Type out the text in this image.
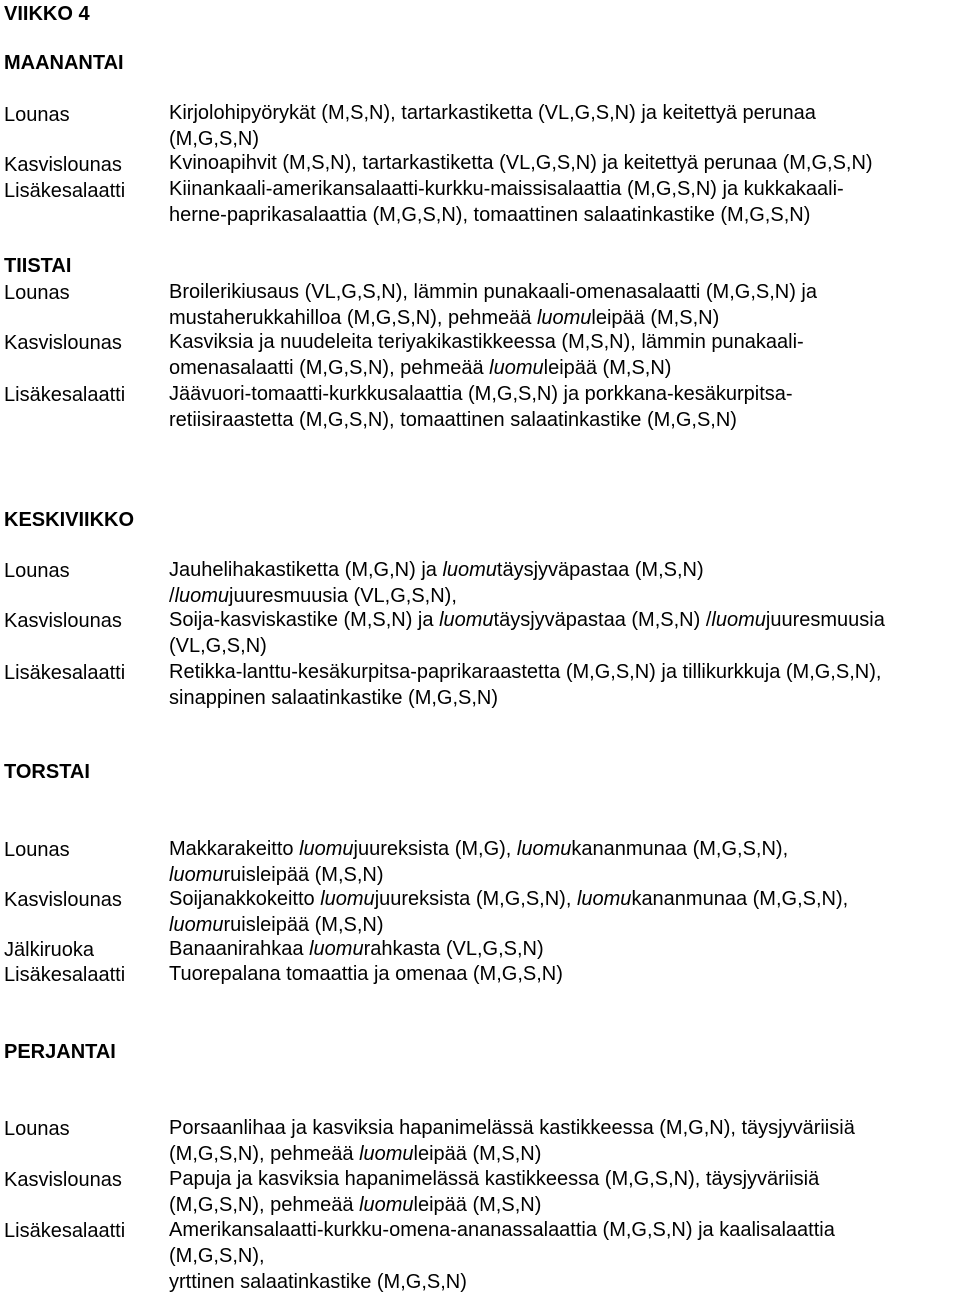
VIIKKO 4
MAANANTAI
Lounas	Kirjolohipyörykät (M,S,N), tartarkastiketta (VL,G,S,N) ja keitettyä perunaa

(M,G,S,N)

Kasvislounas Kvinoapihvit (M,S,N), tartarkastiketta (VL,G,S,N) ja keitettyä perunaa (M,G,S,N)

Lisäkesalaatti Kiinankaali-amerikansalaatti-kurkku-maissisalaattia (M,G,S,N) ja kukkakaali-

herne-paprikasalaattia (M,G,S,N), tomaattinen salaatinkastike (M,G,S,N)

TIISTAI
Lounas	Broilerikiusaus (VL,G,S,N), lämmin punakaali-omenasalaatti (M,G,S,N) ja

mustaherukkahilloa (M,G,S,N), pehmeää luomuleipää (M,S,N)

Kasvislounas Kasviksia ja nuudeleita teriyakikastikkeessa (M,S,N), lämmin punakaali-

omenasalaatti (M,G,S,N), pehmeää luomuleipää (M,S,N)

Lisäkesalaatti Jäävuori-tomaatti-kurkkusalaattia (M,G,S,N) ja porkkana-kesäkurpitsa-

retiisiraastetta (M,G,S,N), tomaattinen salaatinkastike (M,G,S,N)

KESKIVIIKKO
Lounas	Jauhelihakastiketta (M,G,N) ja luomutäysjyväpastaa (M,S,N)

/luomujuuresmuusia (VL,G,S,N),

Kasvislounas Soija-kasviskastike (M,S,N) ja luomutäysjyväpastaa (M,S,N) /luomujuuresmuusia

(VL,G,S,N)

Lisäkesalaatti Retikka-lanttu-kesäkurpitsa-paprikaraastetta (M,G,S,N) ja tillikurkkuja (M,G,S,N),

sinappinen salaatinkastike (M,G,S,N)

TORSTAI
Lounas	Makkarakeitto luomujuureksista (M,G), luomukananmunaa (M,G,S,N),

luomuruisleipää (M,S,N)

Kasvislounas Soijanakkokeitto luomujuureksista (M,G,S,N), luomukananmunaa (M,G,S,N),

luomuruisleipää (M,S,N)

Jälkiruoka	Banaanirahkaa luomurahkasta (VL,G,S,N)

Lisäkesalaatti Tuorepalana tomaattia ja omenaa (M,G,S,N)

PERJANTAI
Lounas	Porsaanlihaa ja kasviksia hapanimelässä kastikkeessa (M,G,N), täysjyväriisiä

(M,G,S,N), pehmeää luomuleipää (M,S,N)

Kasvislounas Papuja ja kasviksia hapanimelässä kastikkeessa (M,G,S,N), täysjyväriisiä

(M,G,S,N), pehmeää luomuleipää (M,S,N)

Lisäkesalaatti Amerikansalaatti-kurkku-omena-ananassalaattia (M,G,S,N) ja kaalisalaattia

(M,G,S,N),

yrttinen salaatinkastike (M,G,S,N)
